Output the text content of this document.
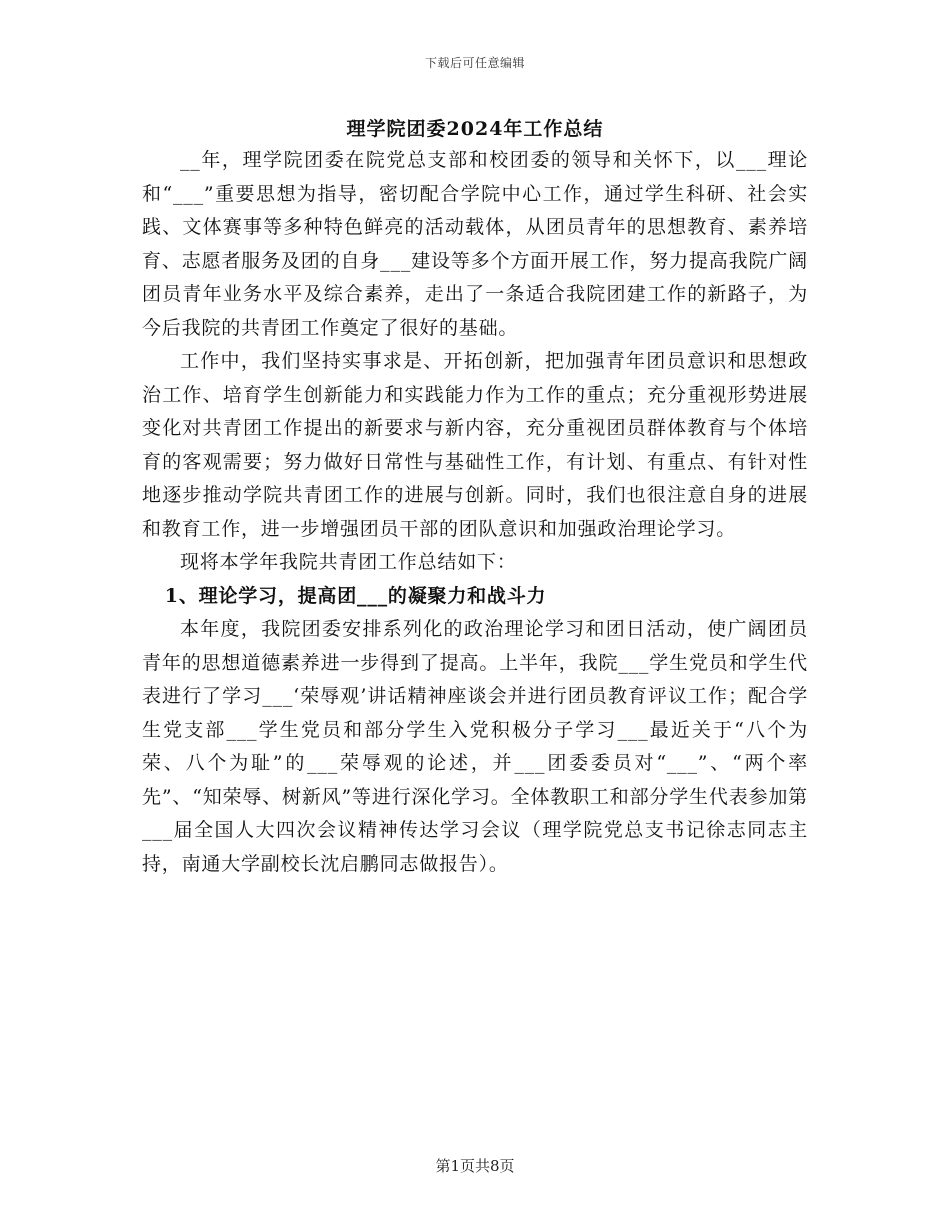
下载后可任意编辑
理学院团委2024年工作总结

__年，理学院团委在院党总支部和校团委的领导和关怀下，以___理论和“___”重要思想为指导，密切配合学院中心工作，通过学生科研、社会实践、文体赛事等多种特色鲜亮的活动载体，从团员青年的思想教育、素养培育、志愿者服务及团的自身___建设等多个方面开展工作，努力提高我院广阔团员青年业务水平及综合素养，走出了一条适合我院团建工作的新路子，为今后我院的共青团工作奠定了很好的基础。

工作中，我们坚持实事求是、开拓创新，把加强青年团员意识和思想政治工作、培育学生创新能力和实践能力作为工作的重点；充分重视形势进展变化对共青团工作提出的新要求与新内容，充分重视团员群体教育与个体培育的客观需要；努力做好日常性与基础性工作，有计划、有重点、有针对性地逐步推动学院共青团工作的进展与创新。同时，我们也很注意自身的进展和教育工作，进一步增强团员干部的团队意识和加强政治理论学习。

现将本学年我院共青团工作总结如下：

1、理论学习，提高团___的凝聚力和战斗力

本年度，我院团委安排系列化的政治理论学习和团日活动，使广阔团员青年的思想道德素养进一步得到了提高。上半年，我院___学生党员和学生代表进行了学习___‘荣辱观’讲话精神座谈会并进行团员教育评议工作；配合学生党支部___学生党员和部分学生入党积极分子学习___最近关于“八个为荣、八个为耻”的___荣辱观的论述，并___团委委员对“___”、“两个率先”、“知荣辱、树新风”等进行深化学习。全体教职工和部分学生代表参加第___届全国人大四次会议精神传达学习会议（理学院党总支书记徐志同志主持，南通大学副校长沈启鹏同志做报告）。

第1页共8页
